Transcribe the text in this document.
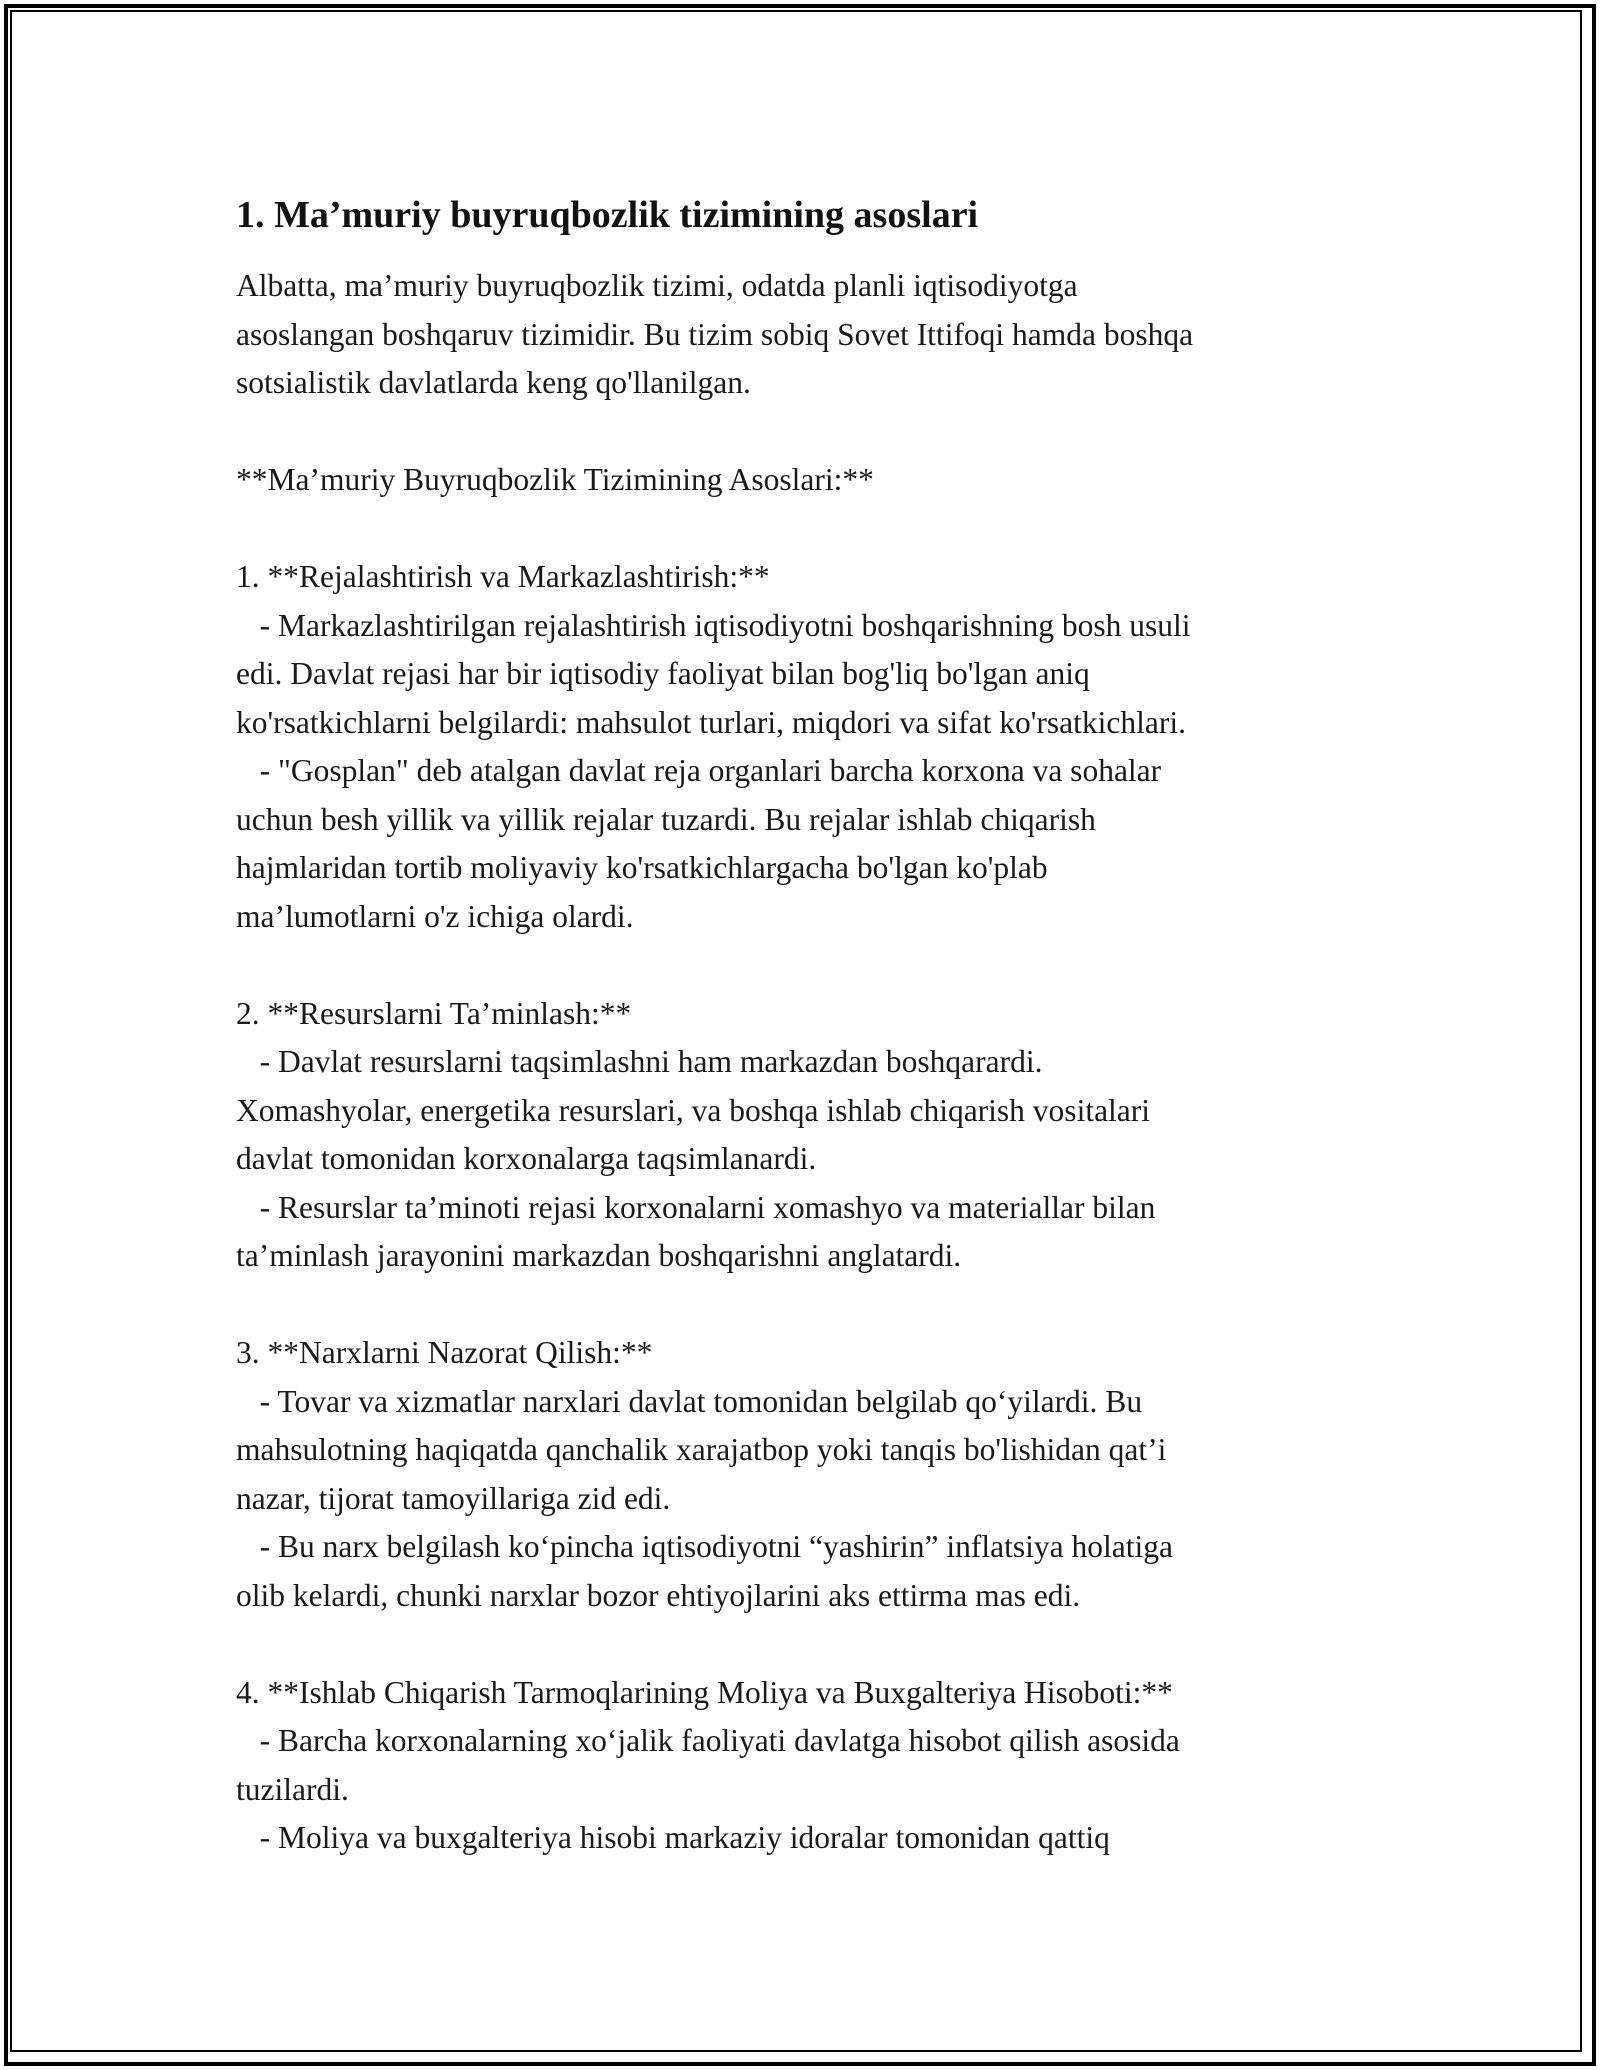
1. Ma’muriy buyruqbozlik tizimining asoslari

Albatta, ma’muriy buyruqbozlik tizimi, odatda planli iqtisodiyotga

asoslangan boshqaruv tizimidir. Bu tizim sobiq Sovet Ittifoqi hamda boshqa

sotsialistik davlatlarda keng qo'llanilgan.

**Ma’muriy Buyruqbozlik Tizimining Asoslari:**

1. **Rejalashtirish va Markazlashtirish:**

- Markazlashtirilgan rejalashtirish iqtisodiyotni boshqarishning bosh usuli

edi. Davlat rejasi har bir iqtisodiy faoliyat bilan bog'liq bo'lgan aniq

ko'rsatkichlarni belgilardi: mahsulot turlari, miqdori va sifat ko'rsatkichlari.

- "Gosplan" deb atalgan davlat reja organlari barcha korxona va sohalar

uchun besh yillik va yillik rejalar tuzardi. Bu rejalar ishlab chiqarish

hajmlaridan tortib moliyaviy ko'rsatkichlargacha bo'lgan ko'plab

ma’lumotlarni o'z ichiga olardi.

2. **Resurslarni Ta’minlash:**

- Davlat resurslarni taqsimlashni ham markazdan boshqarardi.

Xomashyolar, energetika resurslari, va boshqa ishlab chiqarish vositalari

davlat tomonidan korxonalarga taqsimlanardi.

- Resurslar ta’minoti rejasi korxonalarni xomashyo va materiallar bilan

ta’minlash jarayonini markazdan boshqarishni anglatardi.

3. **Narxlarni Nazorat Qilish:**

- Tovar va xizmatlar narxlari davlat tomonidan belgilab qo‘yilardi. Bu

mahsulotning haqiqatda qanchalik xarajatbop yoki tanqis bo'lishidan qat’i

nazar, tijorat tamoyillariga zid edi.

- Bu narx belgilash ko‘pincha iqtisodiyotni “yashirin” inflatsiya holatiga

olib kelardi, chunki narxlar bozor ehtiyojlarini aks ettirma mas edi.

4. **Ishlab Chiqarish Tarmoqlarining Moliya va Buxgalteriya Hisoboti:**

- Barcha korxonalarning xo‘jalik faoliyati davlatga hisobot qilish asosida

tuzilardi.

- Moliya va buxgalteriya hisobi markaziy idoralar tomonidan qattiq
